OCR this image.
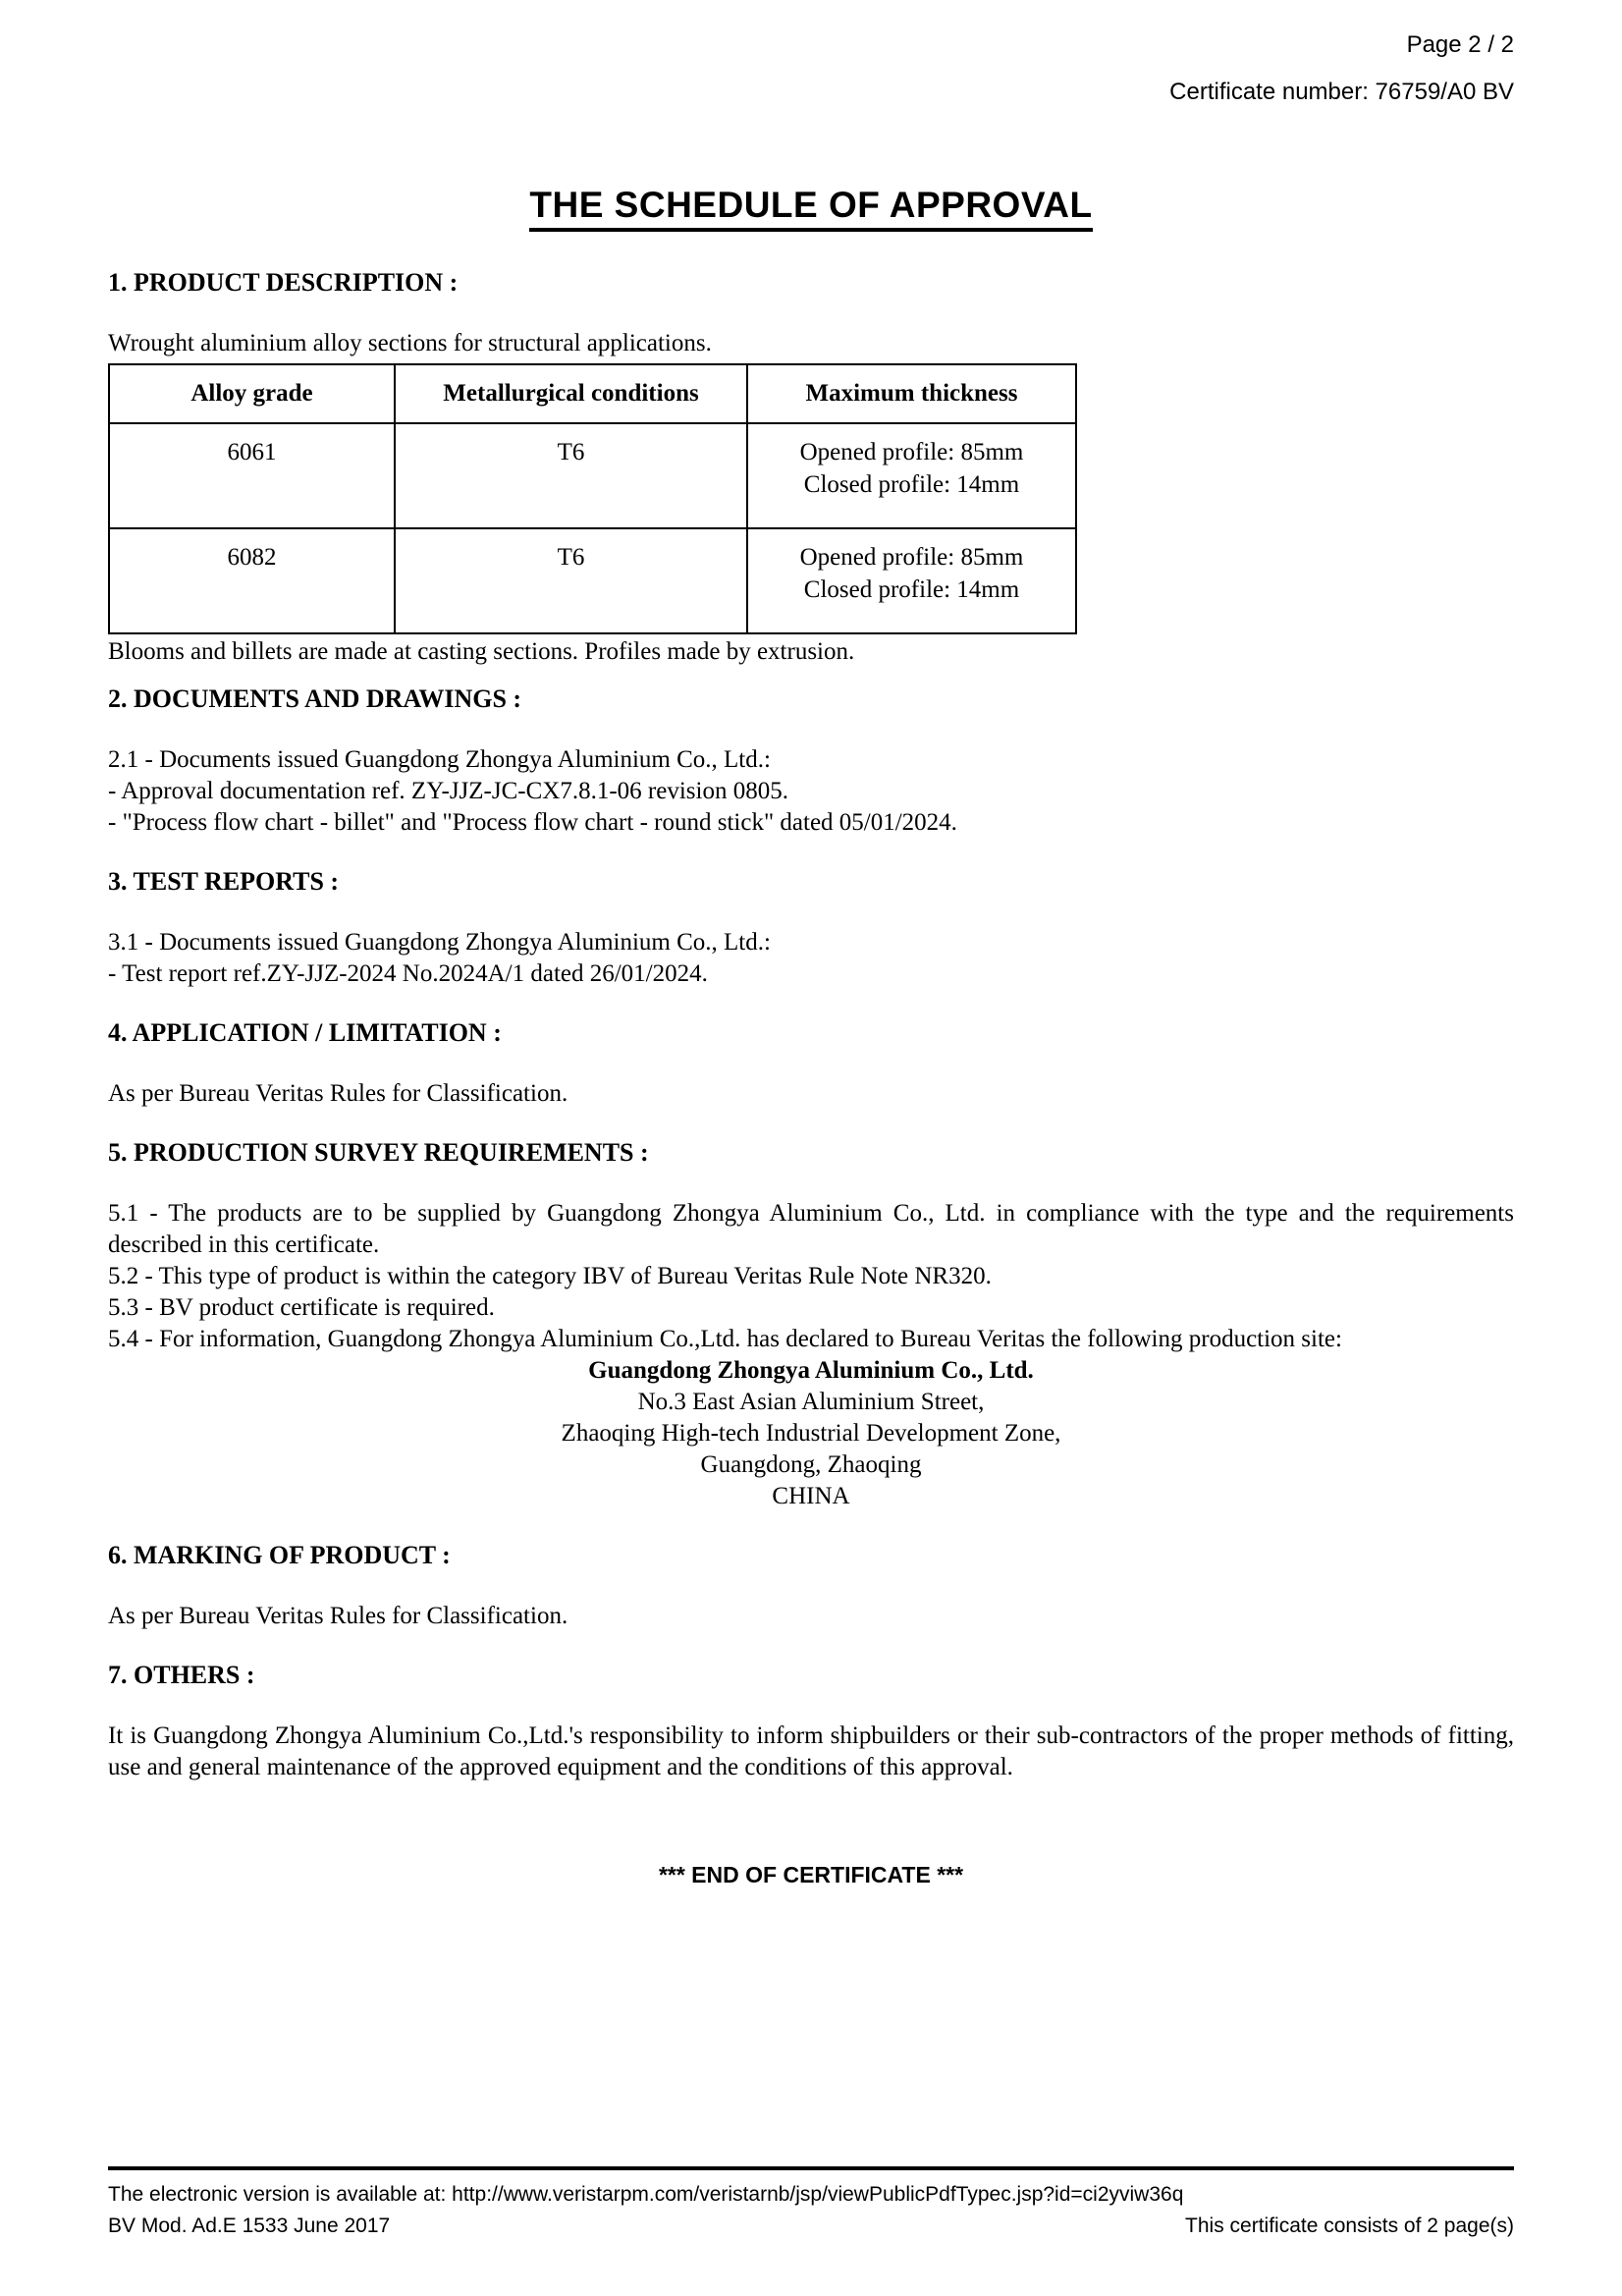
Page 2 / 2
Certificate number: 76759/A0 BV
THE SCHEDULE OF APPROVAL

1. PRODUCT DESCRIPTION :

Wrought aluminium alloy sections for structural applications.

Alloy grade	Metallurgical conditions	Maximum thickness
6061	T6	Opened profile: 85mm
Closed profile: 14mm

6082	T6	Opened profile: 85mm
Closed profile: 14mm

Blooms and billets are made at casting sections. Profiles made by extrusion.

2. DOCUMENTS AND DRAWINGS :

2.1 - Documents issued Guangdong Zhongya Aluminium Co., Ltd.:

- Approval documentation ref. ZY-JJZ-JC-CX7.8.1-06 revision 0805.

- "Process flow chart - billet" and "Process flow chart - round stick" dated 05/01/2024.

3. TEST REPORTS :

3.1 - Documents issued Guangdong Zhongya Aluminium Co., Ltd.:

- Test report ref.ZY-JJZ-2024 No.2024A/1 dated 26/01/2024.

4. APPLICATION / LIMITATION :

As per Bureau Veritas Rules for Classification.

5. PRODUCTION SURVEY REQUIREMENTS :

5.1 - The products are to be supplied by Guangdong Zhongya Aluminium Co., Ltd. in compliance with the type and the requirements described in this certificate.

5.2 - This type of product is within the category IBV of Bureau Veritas Rule Note NR320.

5.3 - BV product certificate is required.

5.4 - For information, Guangdong Zhongya Aluminium Co.,Ltd. has declared to Bureau Veritas the following production site:

Guangdong Zhongya Aluminium Co., Ltd.

No.3 East Asian Aluminium Street,

Zhaoqing High-tech Industrial Development Zone,

Guangdong, Zhaoqing

CHINA

6. MARKING OF PRODUCT :

As per Bureau Veritas Rules for Classification.

7. OTHERS :

It is Guangdong Zhongya Aluminium Co.,Ltd.'s responsibility to inform shipbuilders or their sub-contractors of the proper methods of fitting, use and general maintenance of the approved equipment and the conditions of this approval.

*** END OF CERTIFICATE ***
The electronic version is available at: http://www.veristarpm.com/veristarnb/jsp/viewPublicPdfTypec.jsp?id=ci2yviw36q
BV Mod. Ad.E 1533 June 2017	This certificate consists of 2 page(s)
